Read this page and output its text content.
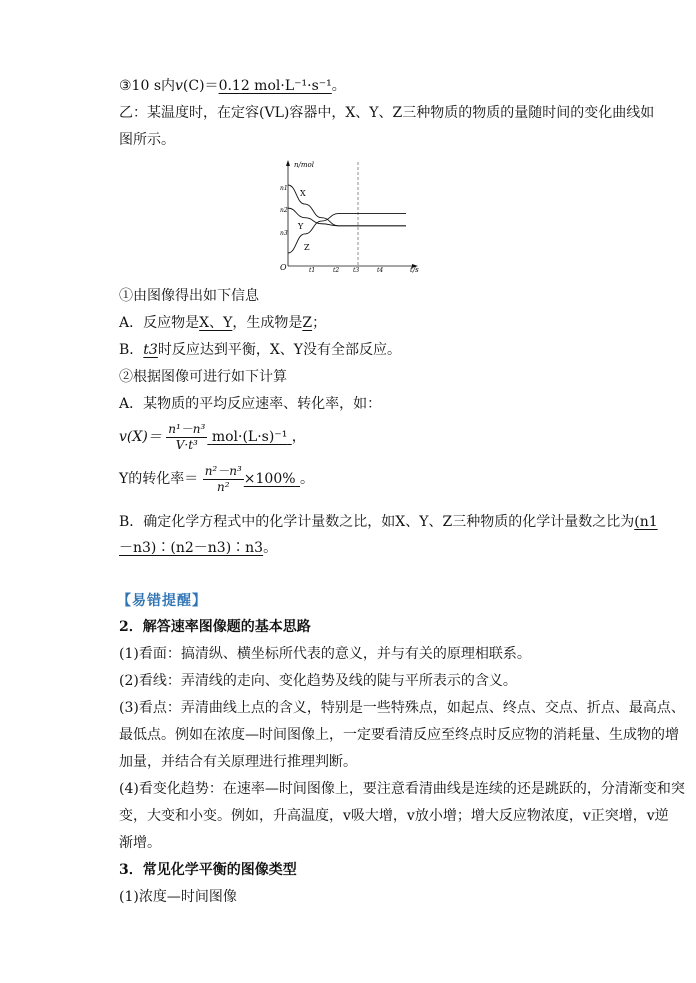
③10 s内v(C)＝0.12 mol·L⁻¹·s⁻¹。
乙：某温度时，在定容(VL)容器中，X、Y、Z三种物质的物质的量随时间的变化曲线如
图所示。
n/mol
t/s
O
n1
n2
n3
t1	t2 t3	t4
X
Y
Z
①由图像得出如下信息
A．反应物是X、Y，生成物是Z；
B．t3时反应达到平衡，X、Y没有全部反应。
②根据图像可进行如下计算
A．某物质的平均反应速率、转化率，如：
$v(X)= \frac{\text{n¹－n³}}{\text{V·t³}} mol\cdot(L\cdot s)^{-1}$ ，
Y的转化率＝ $\frac{\text{n²－n³}}{\text{n²}} \times 100\%$ 。
B．确定化学方程式中的化学计量数之比，如X、Y、Z三种物质的化学计量数之比为(n1
－n3)∶(n2－n3)∶n3。
【易错提醒】
2．解答速率图像题的基本思路
(1)看面：搞清纵、横坐标所代表的意义，并与有关的原理相联系。
(2)看线：弄清线的走向、变化趋势及线的陡与平所表示的含义。
(3)看点：弄清曲线上点的含义，特别是一些特殊点，如起点、终点、交点、折点、最高点、
最低点。例如在浓度—时间图像上，一定要看清反应至终点时反应物的消耗量、生成物的增
加量，并结合有关原理进行推理判断。
(4)看变化趋势：在速率—时间图像上，要注意看清曲线是连续的还是跳跃的，分清渐变和突
变，大变和小变。例如，升高温度，v吸大增，v放小增；增大反应物浓度，v正突增，v逆
渐增。
3．常见化学平衡的图像类型
(1)浓度—时间图像
